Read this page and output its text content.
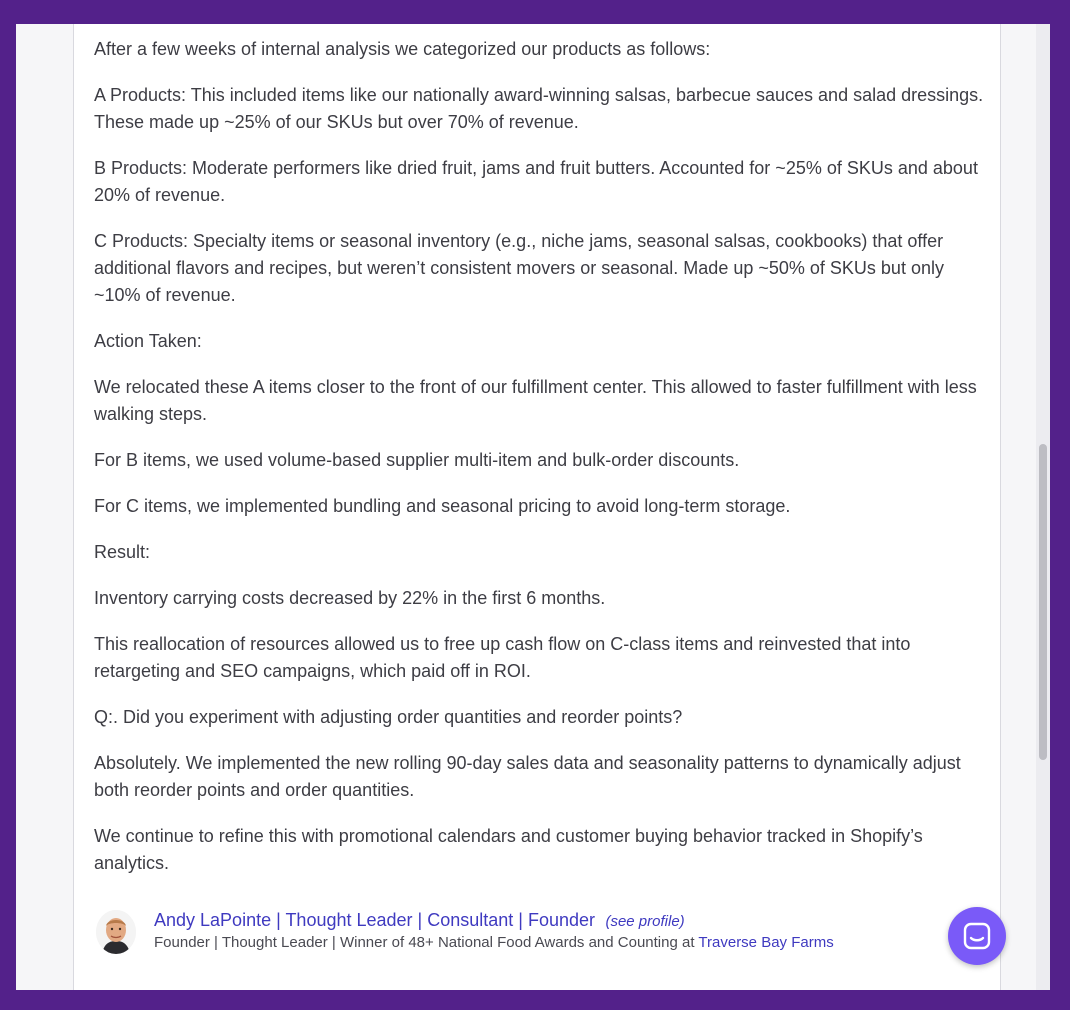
After a few weeks of internal analysis we categorized our products as follows:

A Products: This included items like our nationally award-winning salsas, barbecue sauces and salad dressings. These made up ~25% of our SKUs but over 70% of revenue.

B Products: Moderate performers like dried fruit, jams and fruit butters. Accounted for ~25% of SKUs and about 20% of revenue.

C Products: Specialty items or seasonal inventory (e.g., niche jams, seasonal salsas, cookbooks) that offer additional flavors and recipes, but weren’t consistent movers or seasonal. Made up ~50% of SKUs but only ~10% of revenue.

Action Taken:

We relocated these A items closer to the front of our fulfillment center. This allowed to faster fulfillment with less walking steps.

For B items, we used volume-based supplier multi-item and bulk-order discounts.

For C items, we implemented bundling and seasonal pricing to avoid long-term storage.

Result:

Inventory carrying costs decreased by 22% in the first 6 months.

This reallocation of resources allowed us to free up cash flow on C-class items and reinvested that into retargeting and SEO campaigns, which paid off in ROI.

Q:. Did you experiment with adjusting order quantities and reorder points?

Absolutely. We implemented the new rolling 90-day sales data and seasonality patterns to dynamically adjust both reorder points and order quantities.

We continue to refine this with promotional calendars and customer buying behavior tracked in Shopify’s analytics.

Andy LaPointe | Thought Leader | Consultant | Founder (see profile)
Founder | Thought Leader | Winner of 48+ National Food Awards and Counting at Traverse Bay Farms
